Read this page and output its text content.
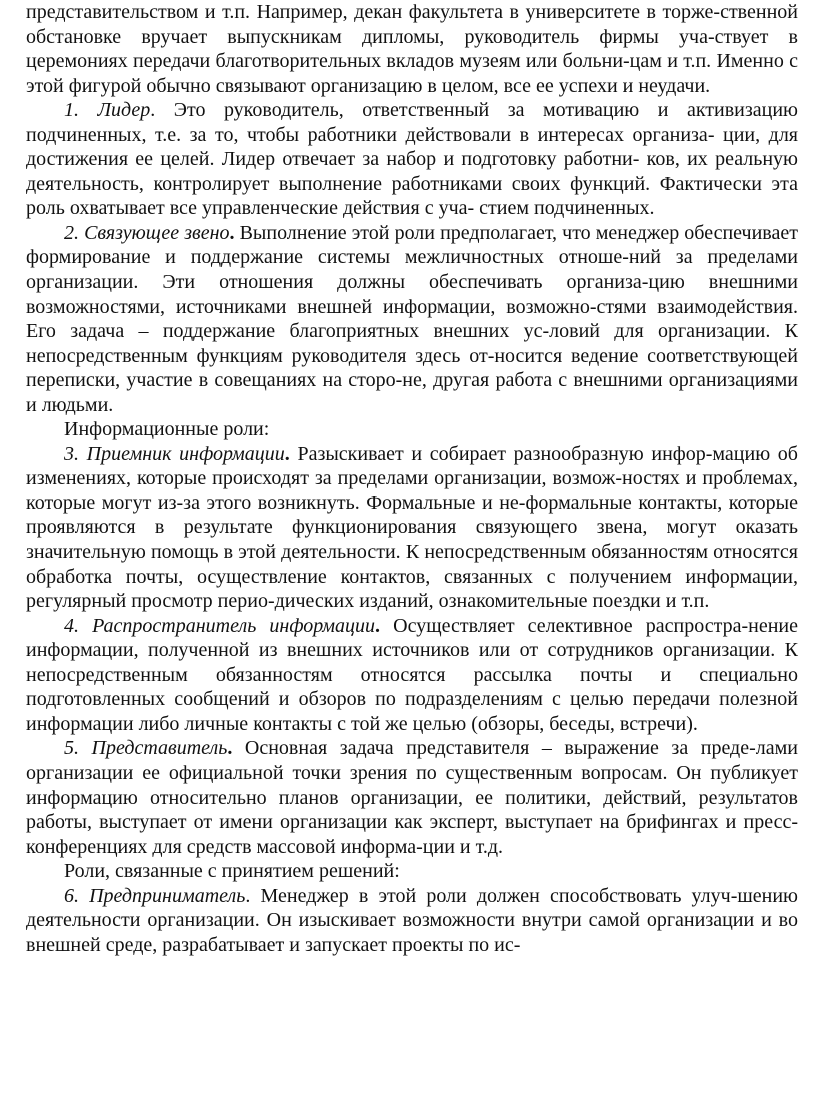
представительством и т.п. Например, декан факультета в университете в торже-ственной обстановке вручает выпускникам дипломы, руководитель фирмы уча-ствует в церемониях передачи благотворительных вкладов музеям или больни-цам и т.п. Именно с этой фигурой обычно связывают организацию в целом, все ее успехи и неудачи.

1. Лидер. Это руководитель, ответственный за мотивацию и активизацию подчиненных, т.е. за то, чтобы работники действовали в интересах организа- ции, для достижения ее целей. Лидер отвечает за набор и подготовку работни- ков, их реальную деятельность, контролирует выполнение работниками своих функций. Фактически эта роль охватывает все управленческие действия с уча- стием подчиненных.

2. Связующее звено. Выполнение этой роли предполагает, что менеджер обеспечивает формирование и поддержание системы межличностных отноше-ний за пределами организации. Эти отношения должны обеспечивать организа-цию внешними возможностями, источниками внешней информации, возможно-стями взаимодействия. Его задача – поддержание благоприятных внешних ус-ловий для организации. К непосредственным функциям руководителя здесь от-носится ведение соответствующей переписки, участие в совещаниях на сторо-не, другая работа с внешними организациями и людьми.

Информационные роли:

3. Приемник информации. Разыскивает и собирает разнообразную инфор-мацию об изменениях, которые происходят за пределами организации, возмож-ностях и проблемах, которые могут из-за этого возникнуть. Формальные и не-формальные контакты, которые проявляются в результате функционирования связующего звена, могут оказать значительную помощь в этой деятельности. К непосредственным обязанностям относятся обработка почты, осуществление контактов, связанных с получением информации, регулярный просмотр перио-дических изданий, ознакомительные поездки и т.п.

4. Распространитель информации. Осуществляет селективное распростра-нение информации, полученной из внешних источников или от сотрудников организации. К непосредственным обязанностям относятся рассылка почты и специально подготовленных сообщений и обзоров по подразделениям с целью передачи полезной информации либо личные контакты с той же целью (обзоры, беседы, встречи).

5. Представитель. Основная задача представителя – выражение за преде-лами организации ее официальной точки зрения по существенным вопросам. Он публикует информацию относительно планов организации, ее политики, действий, результатов работы, выступает от имени организации как эксперт, выступает на брифингах и пресс-конференциях для средств массовой информа-ции и т.д.

Роли, связанные с принятием решений:

6. Предприниматель. Менеджер в этой роли должен способствовать улуч-шению деятельности организации. Он изыскивает возможности внутри самой организации и во внешней среде, разрабатывает и запускает проекты по ис-
